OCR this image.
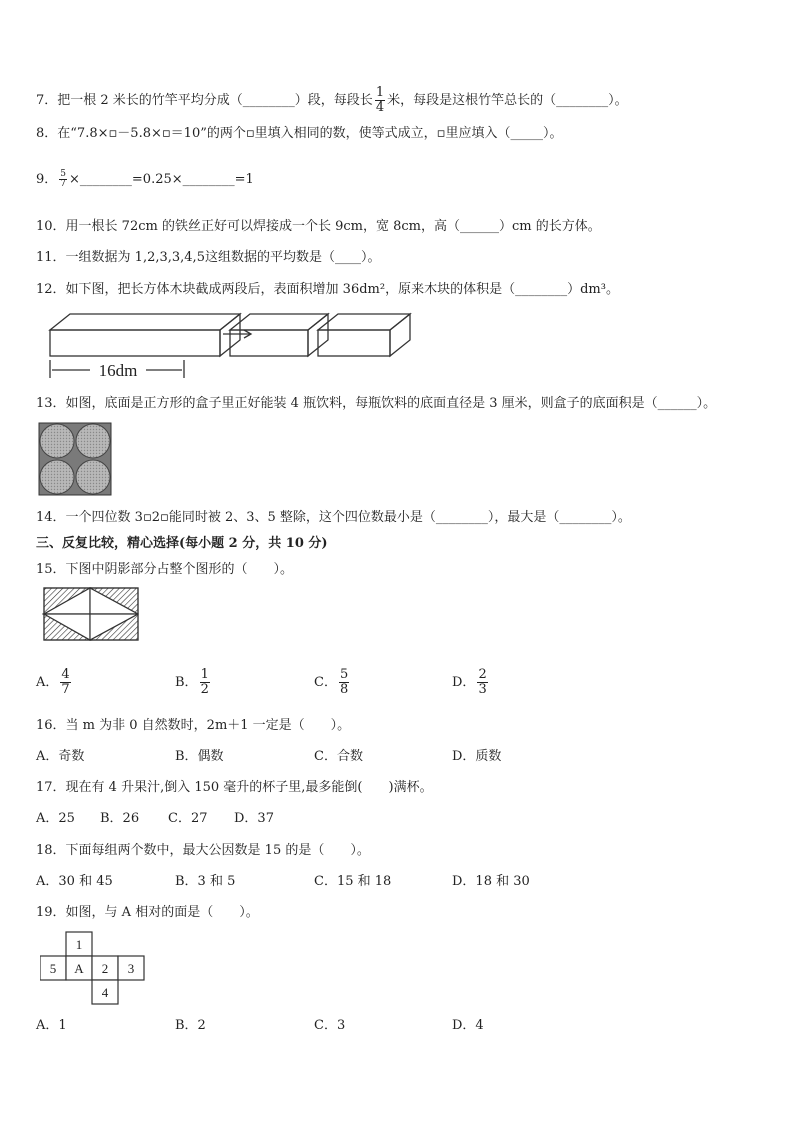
7．把一根 2 米长的竹竿平均分成（________）段，每段长 $\frac{1}{4}$ 米，每段是这根竹竿总长的（________）。
8．在“7.8×▫－5.8×▫＝10”的两个▫里填入相同的数，使等式成立，▫里应填入（_____）。
9． $\frac{5}{7}$ ×________=0.25×________=1
10．用一根长 72cm 的铁丝正好可以焊接成一个长 9cm，宽 8cm，高（______）cm 的长方体。
11．一组数据为 1,2,3,3,4,5这组数据的平均数是（____）。
12．如下图，把长方体木块截成两段后，表面积增加 36dm²，原来木块的体积是（________）dm³。
16dm
13．如图，底面是正方形的盒子里正好能装 4 瓶饮料，每瓶饮料的底面直径是 3 厘米，则盒子的底面积是（______）。
14．一个四位数 3▫2▫能同时被 2、3、5 整除，这个四位数最小是（________），最大是（________）。
三、反复比较，精心选择(每小题 2 分，共 10 分)
15．下图中阴影部分占整个图形的（　　）。
A． $\frac{4}{7}$	B． $\frac{1}{2}$	C． $\frac{5}{8}$	D． $\frac{2}{3}$
16．当 m 为非 0 自然数时，2m＋1 一定是（　　）。
A．奇数	B．偶数	C．合数	D．质数
17．现在有 4 升果汁,倒入 150 毫升的杯子里,最多能倒(　　)满杯。
A．25 B．26 C．27 D．37
18．下面每组两个数中，最大公因数是 15 的是（　　）。
A．30 和 45	B．3 和 5	C．15 和 18	D．18 和 30
19．如图，与 A 相对的面是（　　）。
1
5 A 2 3
4
A．1	B．2	C．3	D．4
